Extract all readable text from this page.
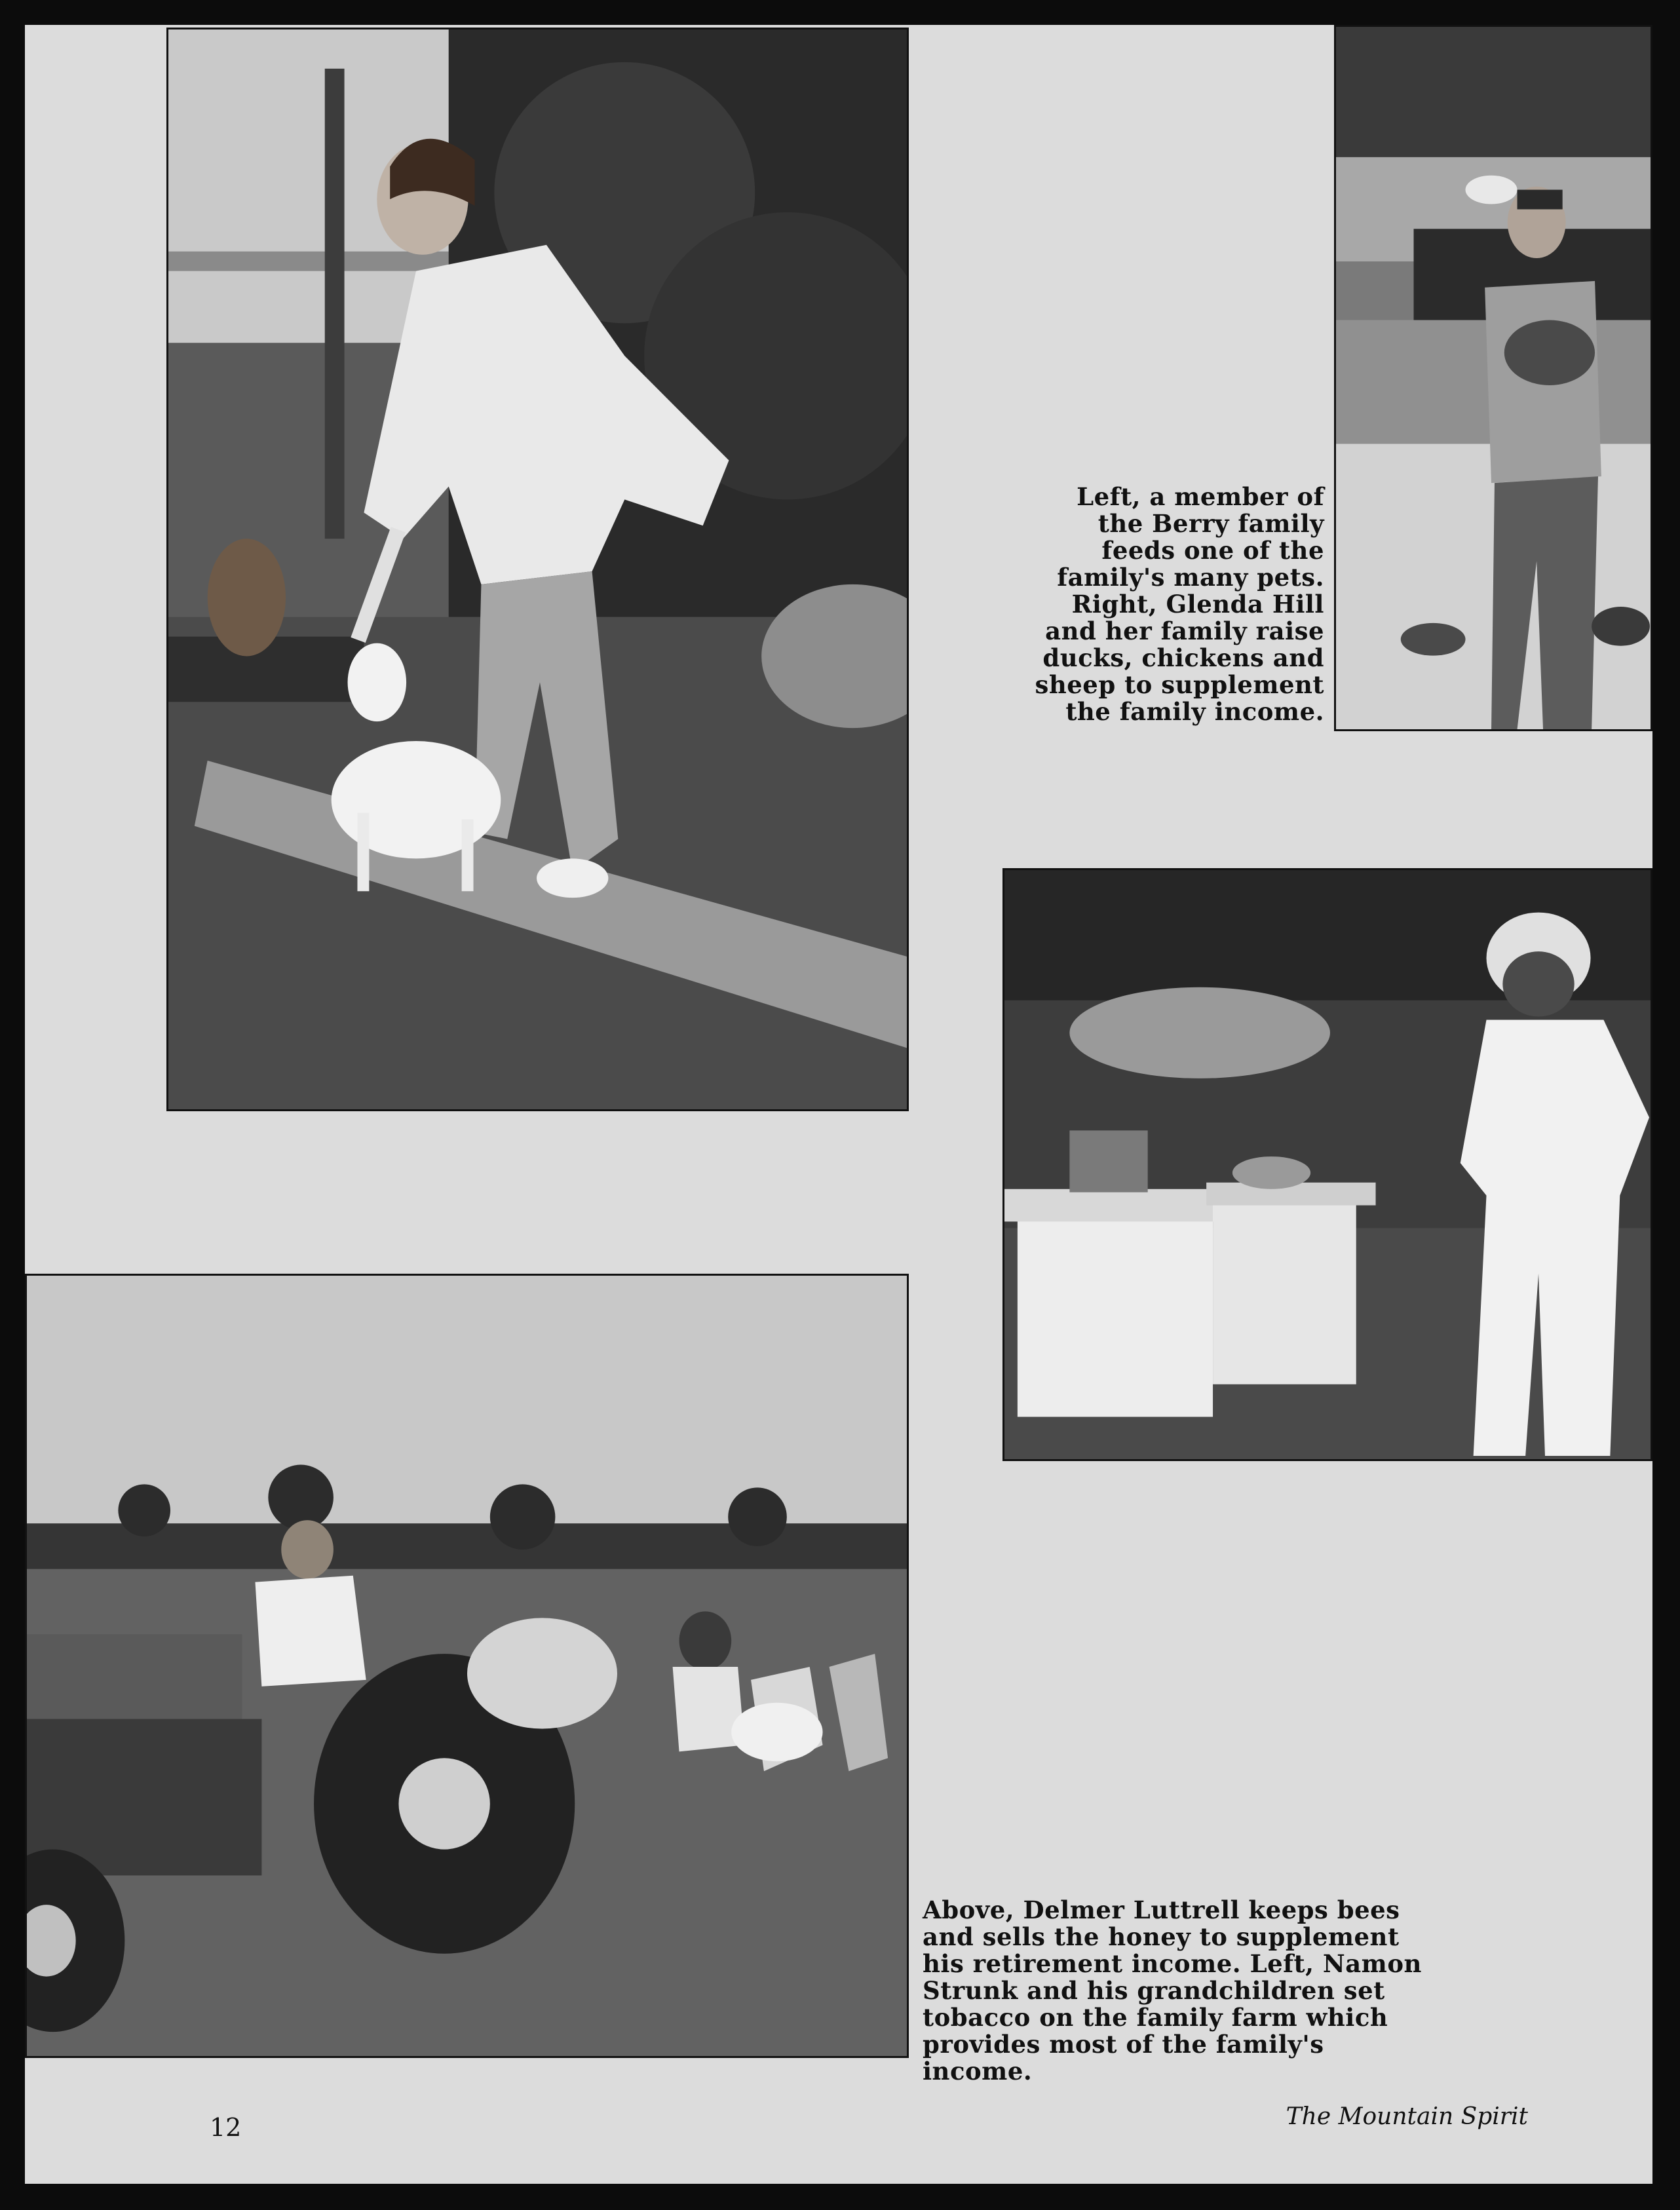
Left, a member of the Berry family feeds one of the family's many pets. Right, Glenda Hill and her family raise ducks, chickens and sheep to supplement the family income.

Above, Delmer Luttrell keeps bees and sells the honey to supplement his retirement income. Left, Namon Strunk and his grandchildren set tobacco on the family farm which provides most of the family's income.

The Mountain Spirit
12
